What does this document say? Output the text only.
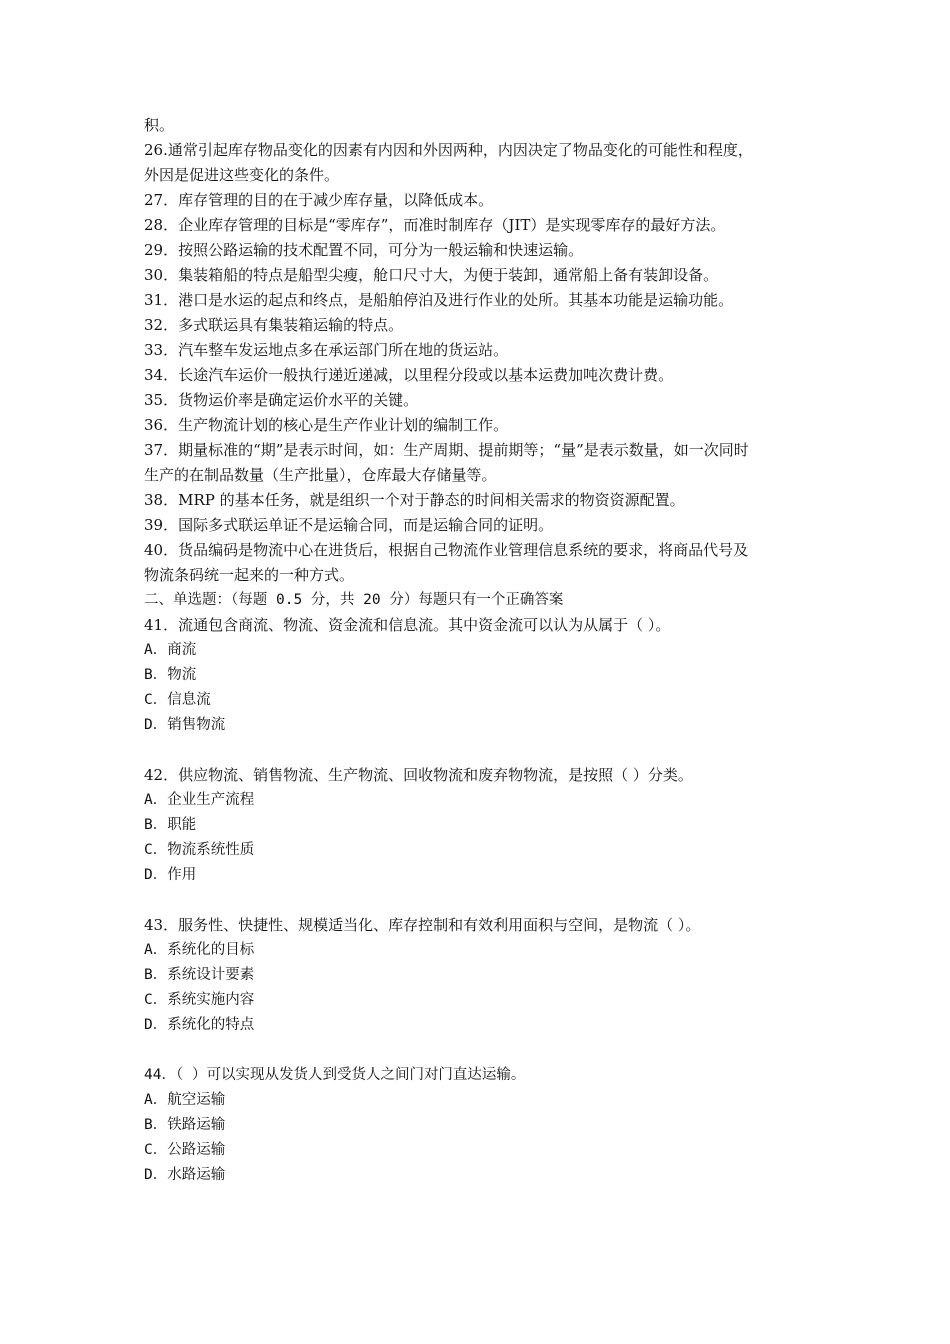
积。
26.通常引起库存物品变化的因素有内因和外因两种，内因决定了物品变化的可能性和程度，
外因是促进这些变化的条件。
27．库存管理的目的在于减少库存量，以降低成本。
28．企业库存管理的目标是“零库存”，而准时制库存（JIT）是实现零库存的最好方法。
29．按照公路运输的技术配置不同，可分为一般运输和快速运输。
30．集装箱船的特点是船型尖瘦，舱口尺寸大，为便于装卸，通常船上备有装卸设备。
31．港口是水运的起点和终点，是船舶停泊及进行作业的处所。其基本功能是运输功能。
32．多式联运具有集装箱运输的特点。
33．汽车整车发运地点多在承运部门所在地的货运站。
34．长途汽车运价一般执行递近递减，以里程分段或以基本运费加吨次费计费。
35．货物运价率是确定运价水平的关键。
36．生产物流计划的核心是生产作业计划的编制工作。
37．期量标准的“期”是表示时间，如：生产周期、提前期等；“量”是表示数量，如一次同时
生产的在制品数量（生产批量），仓库最大存储量等。
38．MRP 的基本任务，就是组织一个对于静态的时间相关需求的物资资源配置。
39．国际多式联运单证不是运输合同，而是运输合同的证明。
40．货品编码是物流中心在进货后，根据自己物流作业管理信息系统的要求，将商品代号及
物流条码统一起来的一种方式。
二、单选题：（每题 0.5 分，共 20 分）每题只有一个正确答案
41．流通包含商流、物流、资金流和信息流。其中资金流可以认为从属于（ ）。
A．商流
B．物流
C．信息流
D．销售物流
42．供应物流、销售物流、生产物流、回收物流和废弃物物流，是按照（ ）分类。
A．企业生产流程
B．职能
C．物流系统性质
D．作用
43．服务性、快捷性、规模适当化、库存控制和有效利用面积与空间，是物流（ ）。
A．系统化的目标
B．系统设计要素
C．系统实施内容
D．系统化的特点
44．（ ）可以实现从发货人到受货人之间门对门直达运输。
A．航空运输
B．铁路运输
C．公路运输
D．水路运输
